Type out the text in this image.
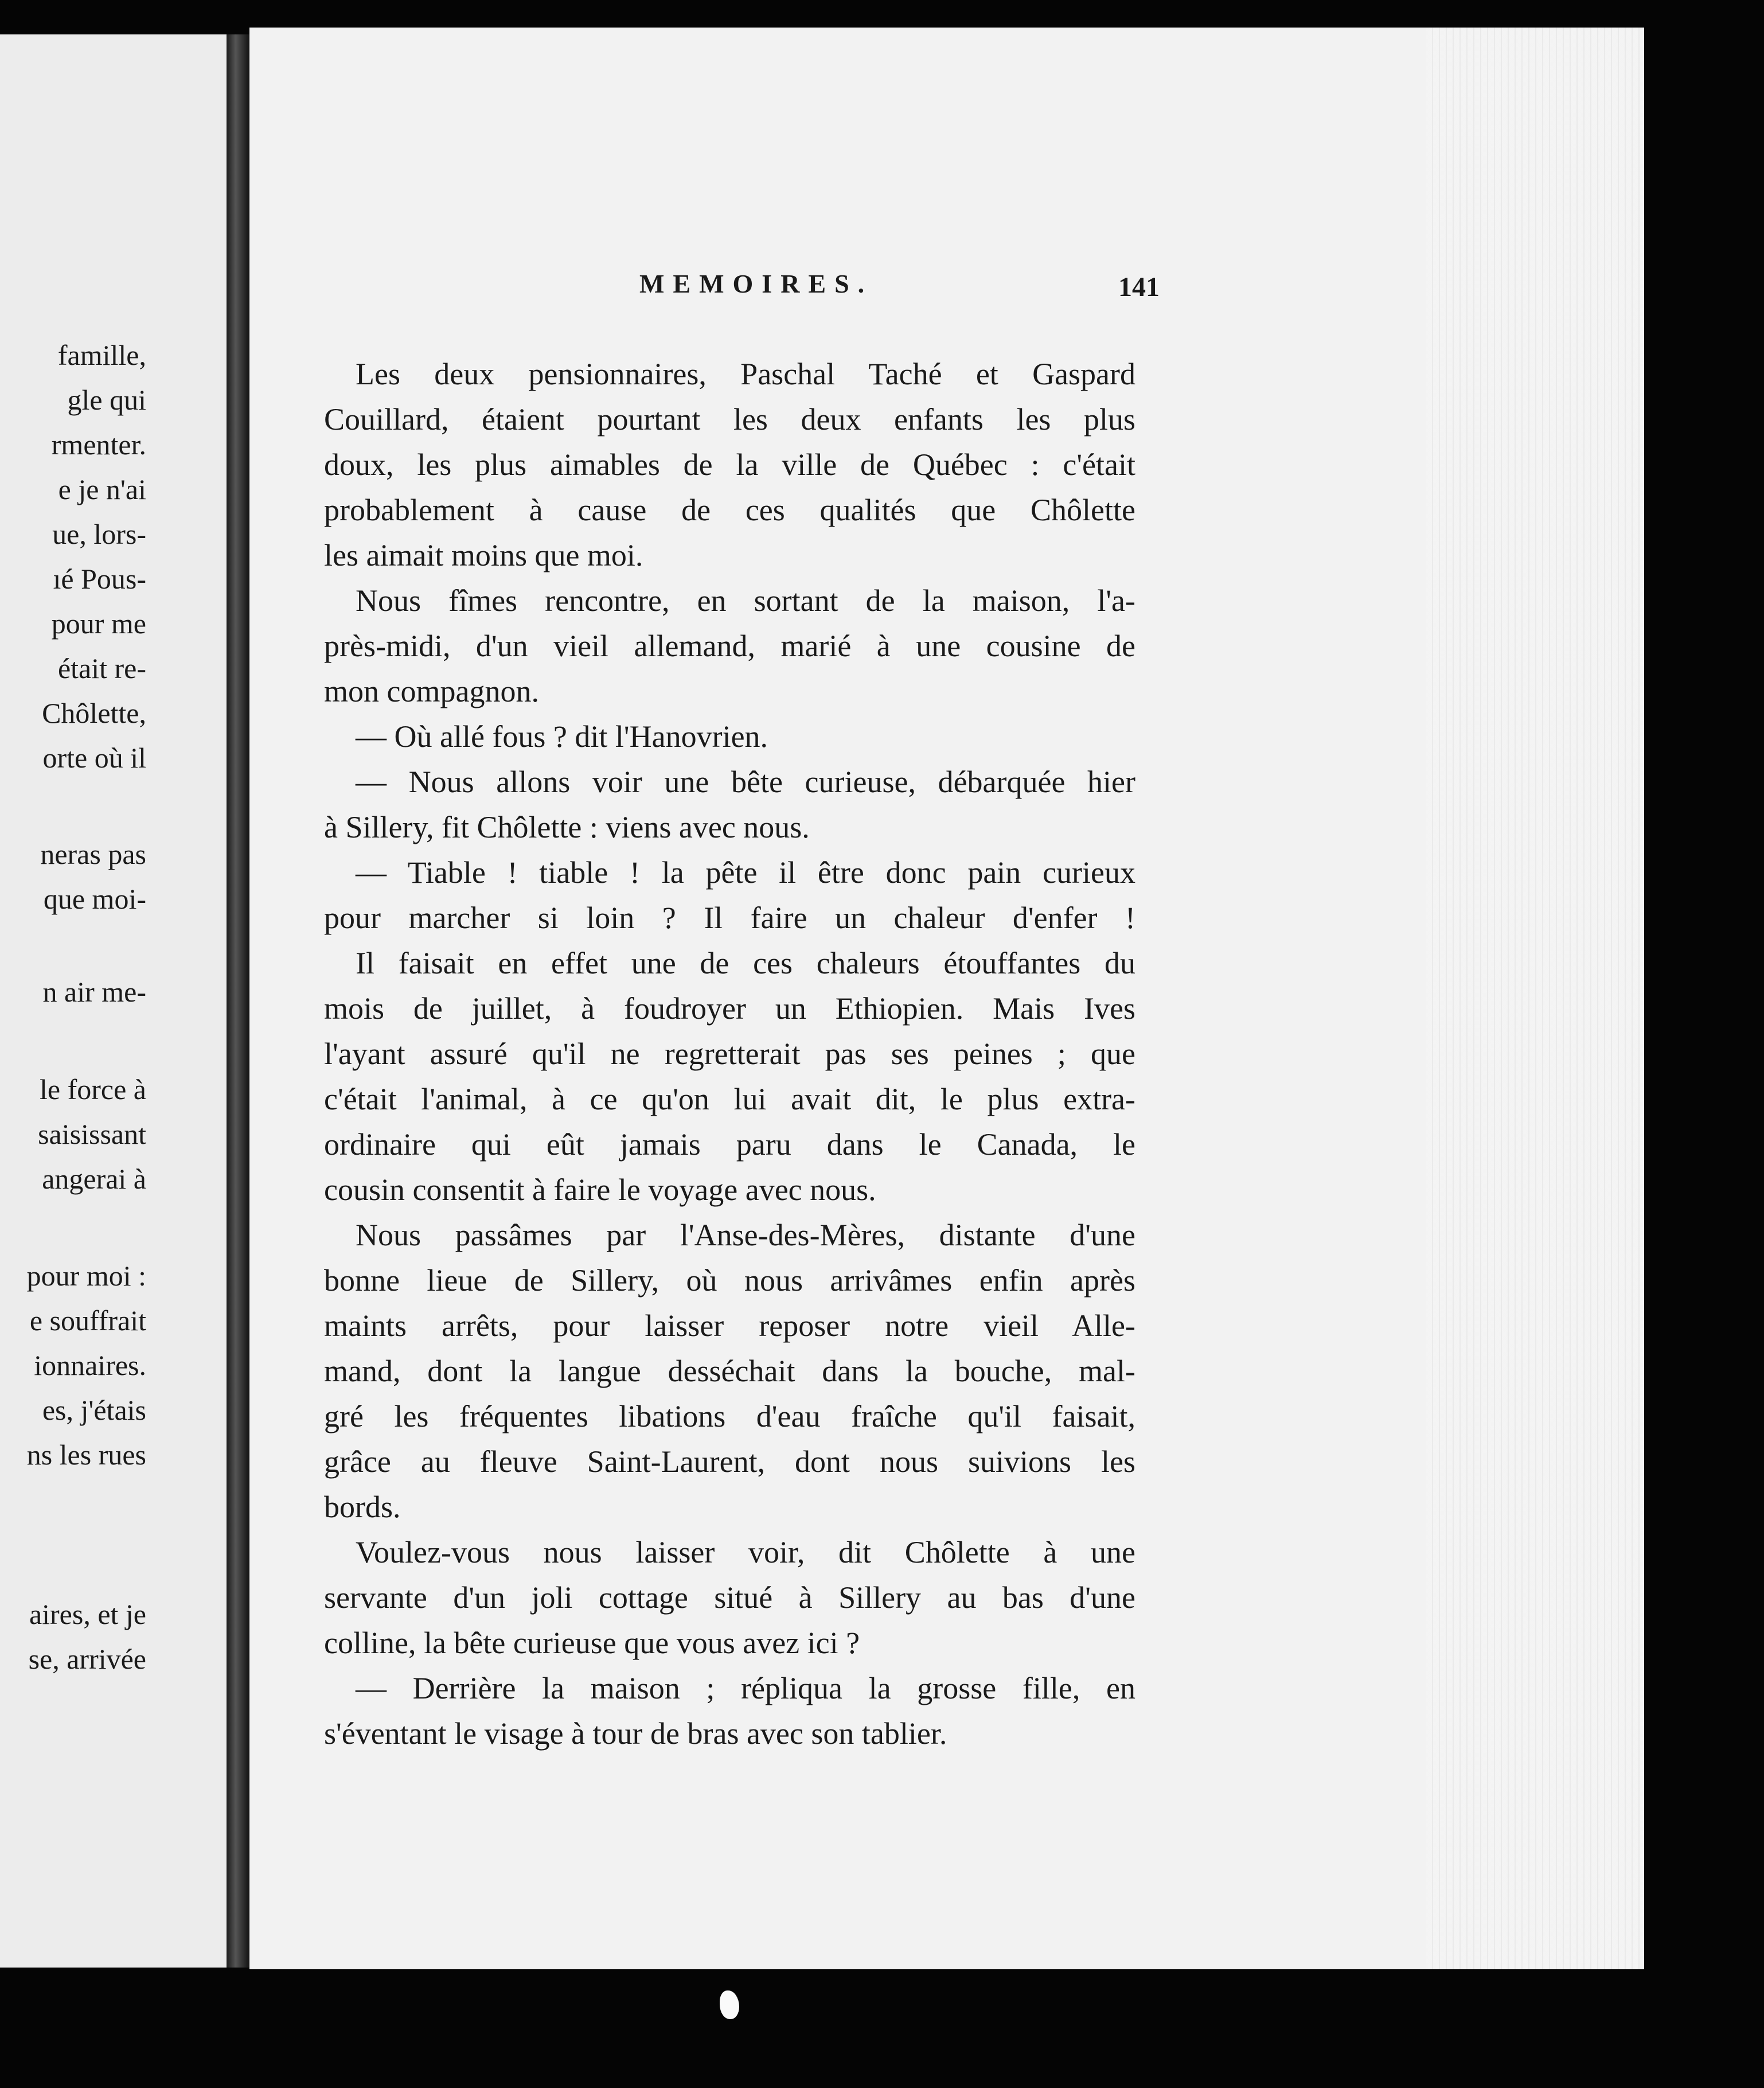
famille,
gle qui
rmenter.
e je n'ai
ue, lors-
ıé Pous-
pour me
était re-
Chôlette,
orte où il
neras pas
que moi-
n air me-
le force à
saisissant
angerai à
pour moi :
e souffrait
ionnaires.
es, j'étais
ns les rues
aires, et je
se, arrivée
MEMOIRES.	141
Les deux pensionnaires, Paschal Taché et Gaspard
Couillard, étaient pourtant les deux enfants les plus
doux, les plus aimables de la ville de Québec : c'était
probablement à cause de ces qualités que Chôlette
les aimait moins que moi.
Nous fîmes rencontre, en sortant de la maison, l'a-
près-midi, d'un vieil allemand, marié à une cousine de
mon compagnon.
— Où allé fous ? dit l'Hanovrien.
— Nous allons voir une bête curieuse, débarquée hier
à Sillery, fit Chôlette : viens avec nous.
— Tiable ! tiable ! la pête il être donc pain curieux
pour marcher si loin ? Il faire un chaleur d'enfer !
Il faisait en effet une de ces chaleurs étouffantes du
mois de juillet, à foudroyer un Ethiopien. Mais Ives
l'ayant assuré qu'il ne regretterait pas ses peines ; que
c'était l'animal, à ce qu'on lui avait dit, le plus extra-
ordinaire qui eût jamais paru dans le Canada, le
cousin consentit à faire le voyage avec nous.
Nous passâmes par l'Anse-des-Mères, distante d'une
bonne lieue de Sillery, où nous arrivâmes enfin après
maints arrêts, pour laisser reposer notre vieil Alle-
mand, dont la langue desséchait dans la bouche, mal-
gré les fréquentes libations d'eau fraîche qu'il faisait,
grâce au fleuve Saint-Laurent, dont nous suivions les
bords.
Voulez-vous nous laisser voir, dit Chôlette à une
servante d'un joli cottage situé à Sillery au bas d'une
colline, la bête curieuse que vous avez ici ?
— Derrière la maison ; répliqua la grosse fille, en
s'éventant le visage à tour de bras avec son tablier.
